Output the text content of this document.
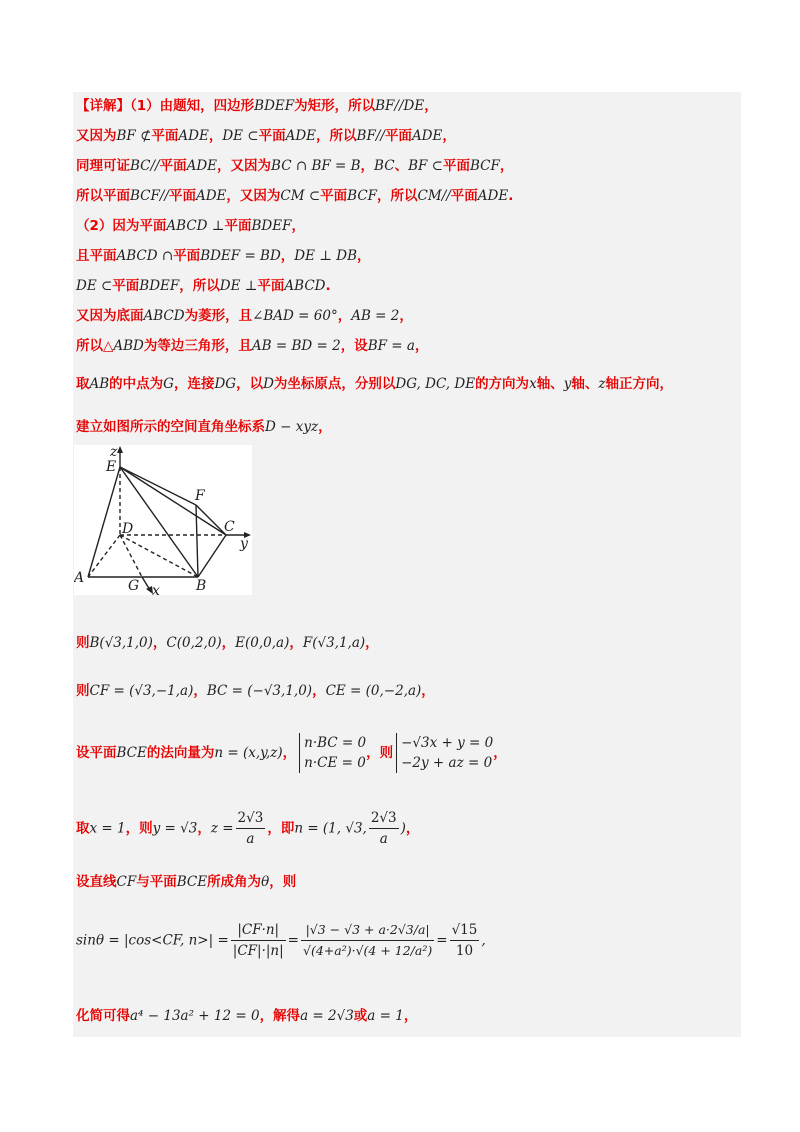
【详解】（1）由题知，四边形BDEF为矩形，所以BF//DE，
又因为BF ⊄平面ADE，DE ⊂平面ADE，所以BF//平面ADE，
同理可证BC//平面ADE，又因为BC ∩ BF = B，BC、BF ⊂平面BCF，
所以平面BCF//平面ADE，又因为CM ⊂平面BCF，所以CM//平面ADE.
（2）因为平面ABCD ⊥平面BDEF，
且平面ABCD ∩平面BDEF = BD，DE ⊥ DB，
DE ⊂平面BDEF，所以DE ⊥平面ABCD.
又因为底面ABCD为菱形，且∠BAD = 60°，AB = 2，
所以△ABD为等边三角形，且AB = BD = 2，设BF = a，
取AB的中点为G，连接DG，以D为坐标原点，分别以DG, DC, DE的方向为x轴、y轴、z轴正方向，
建立如图所示的空间直角坐标系D − xyz，
z
E
F
D	C
y
A	G	B
x
则B(√3,1,0)，C(0,2,0)，E(0,0,a)，F(√3,1,a)，
则CF = (√3,−1,a)，BC = (−√3,1,0)，CE = (0,−2,a)，
设平面BCE的法向量为n = (x,y,z)，
n·BC = 0
n·CE = 0
，则
−√3x + y = 0
−2y + az = 0
，
取x = 1，则y = √3，$z = \frac{2√3}{a}$ ，即n = (1, √3, $\frac{2√3}{a}$ )，
设直线CF与平面BCE所成角为θ，则
sinθ = |cos<CF, $n>| = \frac{|CF\cdot n|}{|CF|\cdot|n|} = \frac{|√3 - √3 + a\cdot 2√3/a|}{\text{√(4+a²)·√(4 + 12/a²)}} = \frac{√15}{10}$ ,
化简可得a⁴ − 13a² + 12 = 0，解得a = 2√3或a = 1，
